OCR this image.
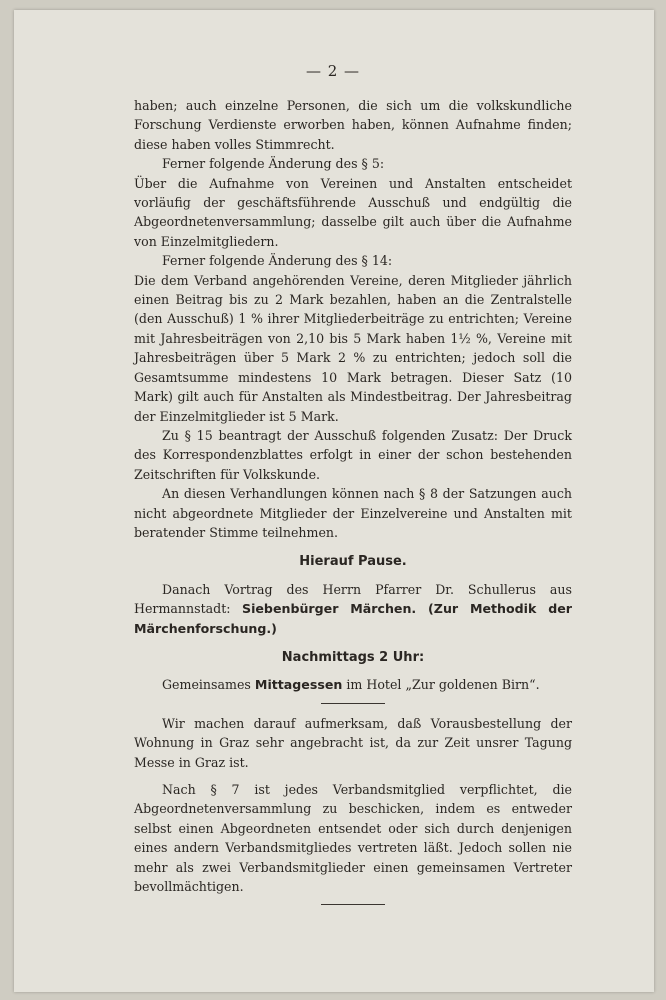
— 2 —

haben; auch einzelne Personen, die sich um die volkskundliche Forschung Verdienste erworben haben, können Aufnahme finden; diese haben volles Stimmrecht.

Ferner folgende Änderung des § 5:

Über die Aufnahme von Vereinen und Anstalten entscheidet vorläufig der geschäftsführende Ausschuß und endgültig die Abgeordnetenversammlung; dasselbe gilt auch über die Aufnahme von Einzelmitgliedern.

Ferner folgende Änderung des § 14:

Die dem Verband angehörenden Vereine, deren Mitglieder jährlich einen Beitrag bis zu 2 Mark bezahlen, haben an die Zentralstelle (den Ausschuß) 1 % ihrer Mitgliederbeiträge zu entrichten; Vereine mit Jahresbeiträgen von 2,10 bis 5 Mark haben 1½ %, Vereine mit Jahresbeiträgen über 5 Mark 2 % zu entrichten; jedoch soll die Gesamtsumme mindestens 10 Mark betragen. Dieser Satz (10 Mark) gilt auch für Anstalten als Mindestbeitrag. Der Jahresbeitrag der Einzelmitglieder ist 5 Mark.

Zu § 15 beantragt der Ausschuß folgenden Zusatz: Der Druck des Korrespondenzblattes erfolgt in einer der schon bestehenden Zeitschriften für Volkskunde.

An diesen Verhandlungen können nach § 8 der Satzungen auch nicht abgeordnete Mitglieder der Einzelvereine und Anstalten mit beratender Stimme teilnehmen.

Hierauf Pause.

Danach Vortrag des Herrn Pfarrer Dr. Schullerus aus Hermannstadt: Siebenbürger Märchen. (Zur Methodik der Märchenforschung.)

Nachmittags 2 Uhr:

Gemeinsames Mittagessen im Hotel „Zur goldenen Birn“.

Wir machen darauf aufmerksam, daß Vorausbestellung der Wohnung in Graz sehr angebracht ist, da zur Zeit unsrer Tagung Messe in Graz ist.

Nach § 7 ist jedes Verbandsmitglied verpflichtet, die Abgeordnetenversammlung zu beschicken, indem es entweder selbst einen Abgeordneten entsendet oder sich durch denjenigen eines andern Verbandsmitgliedes vertreten läßt. Jedoch sollen nie mehr als zwei Verbandsmitglieder einen gemeinsamen Vertreter bevollmächtigen.
